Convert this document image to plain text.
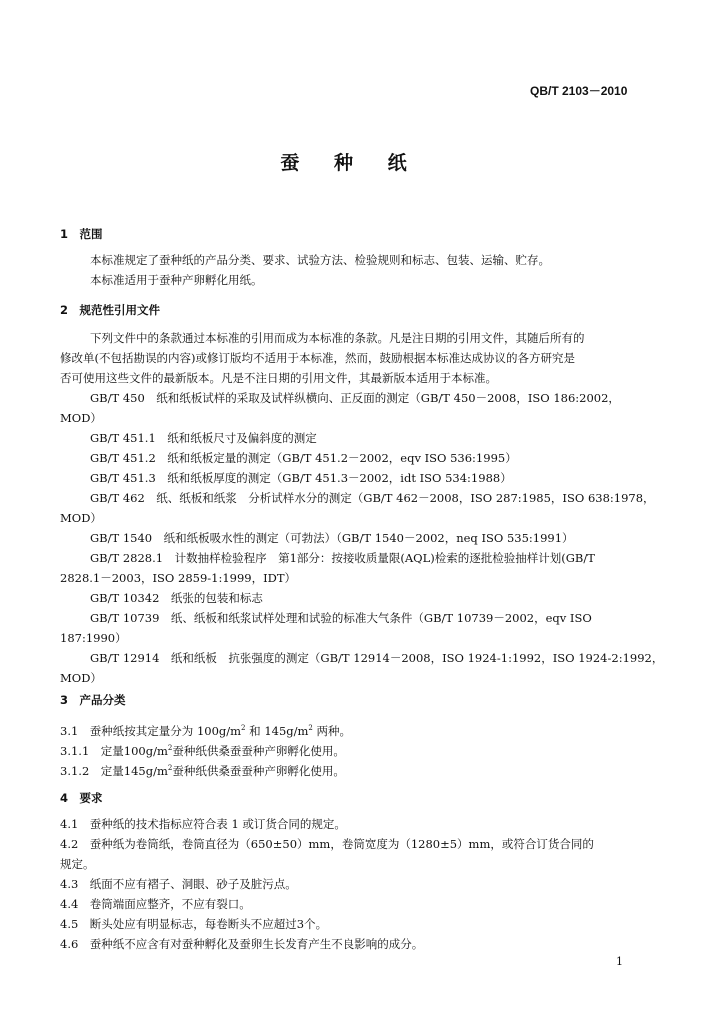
QB/T 2103－2010
蚕 种 纸
1　范围
本标准规定了蚕种纸的产品分类、要求、试验方法、检验规则和标志、包装、运输、贮存。
本标准适用于蚕种产卵孵化用纸。
2　规范性引用文件
下列文件中的条款通过本标准的引用而成为本标准的条款。凡是注日期的引用文件，其随后所有的
修改单(不包括勘误的内容)或修订版均不适用于本标准，然而，鼓励根据本标准达成协议的各方研究是
否可使用这些文件的最新版本。凡是不注日期的引用文件，其最新版本适用于本标准。
GB/T 450　纸和纸板试样的采取及试样纵横向、正反面的测定（GB/T 450－2008，ISO 186:2002，
MOD）
GB/T 451.1　纸和纸板尺寸及偏斜度的测定
GB/T 451.2　纸和纸板定量的测定（GB/T 451.2－2002，eqv ISO 536:1995）
GB/T 451.3　纸和纸板厚度的测定（GB/T 451.3－2002，idt ISO 534:1988）
GB/T 462　纸、纸板和纸浆　分析试样水分的测定（GB/T 462－2008，ISO 287:1985，ISO 638:1978，
MOD）
GB/T 1540　纸和纸板吸水性的测定（可勃法）（GB/T 1540－2002，neq ISO 535:1991）
GB/T 2828.1　计数抽样检验程序　第1部分：按接收质量限(AQL)检索的逐批检验抽样计划(GB/T
2828.1－2003，ISO 2859-1:1999，IDT）
GB/T 10342　纸张的包装和标志
GB/T 10739　纸、纸板和纸浆试样处理和试验的标准大气条件（GB/T 10739－2002，eqv ISO
187:1990）
GB/T 12914　纸和纸板　抗张强度的测定（GB/T 12914－2008，ISO 1924-1:1992，ISO 1924-2:1992，
MOD）
3　产品分类
3.1　蚕种纸按其定量分为 $100g/m^2$ 和 $145g/m^2$ 两种。
3.1.1　定量$100g/m^2$蚕种纸供桑蚕蚕种产卵孵化使用。
3.1.2　定量$145g/m^2$蚕种纸供桑蚕蚕种产卵孵化使用。
4　要求
4.1　蚕种纸的技术指标应符合表 1 或订货合同的规定。
4.2　蚕种纸为卷筒纸，卷筒直径为（650±50）mm，卷筒宽度为（1280±5）mm，或符合订货合同的
规定。
4.3　纸面不应有褶子、洞眼、砂子及脏污点。
4.4　卷筒端面应整齐，不应有裂口。
4.5　断头处应有明显标志，每卷断头不应超过3个。
4.6　蚕种纸不应含有对蚕种孵化及蚕卵生长发育产生不良影响的成分。
1
